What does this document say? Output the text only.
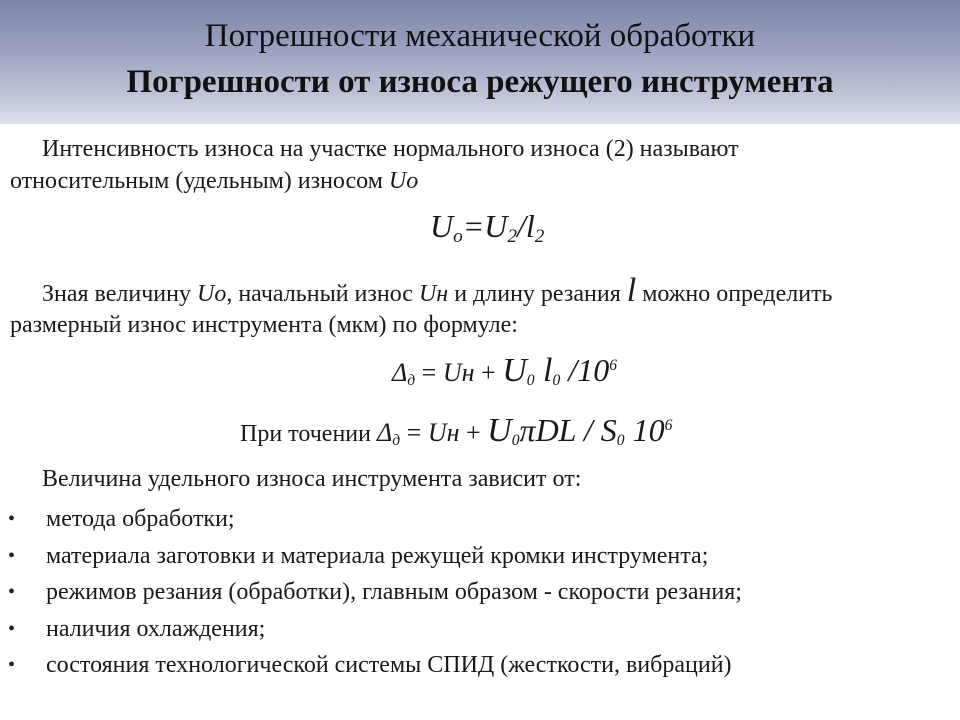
Погрешности механической обработки
Погрешности от износа режущего инструмента
Интенсивность износа на участке нормального износа (2) называют
относительным (удельным) износом Uo
$U_o=U_2/l_2$
Зная величину Uo, начальный износ Uн и длину резания l можно определить
размерный износ инструмента (мкм) по формуле:
$\Delta_д$ = Uн + $U_0$ $l_0$ $/10^6$
При точении $\Delta_д$ = Uн + $U_0\pi DL / S_0$ $10^6$
Величина удельного износа инструмента зависит от:
• метода обработки;
• материала заготовки и материала режущей кромки инструмента;
• режимов резания (обработки), главным образом - скорости резания;
• наличия охлаждения;
• состояния технологической системы СПИД (жесткости, вибраций)
